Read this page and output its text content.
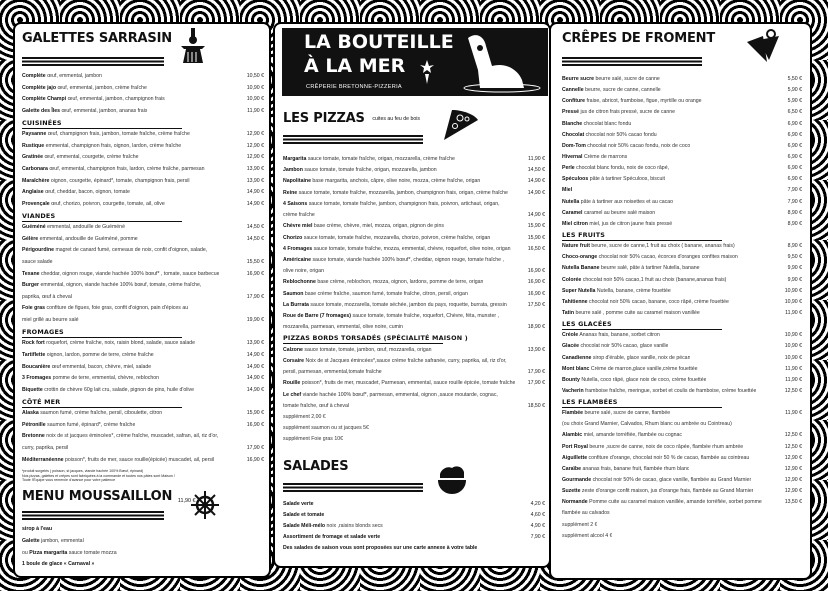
LA BOUTEILLE
À LA MER
CRÊPERIE BRETONNE-PIZZERIA
GALETTES SARRASIN
Complète œuf, emmental, jambon	10,50 €
Complète jajo œuf, emmental, jambon, crème fraîche	10,90 €
Complète Champi œuf, emmental, jambon, champignon frais	10,90 €
Galette des Îles œuf, emmental, jambon, ananas frais	11,90 €
CUISINÉES
Paysanne œuf, champignon frais, jambon, tomate fraîche, crème fraîche	12,90 €
Rustique emmental, champignon frais, oignon, lardon, crème fraîche	12,90 €
Gratinée œuf, emmental, courgette, crème fraîche	12,90 €
Carbonara œuf, emmental, champignon frais, lardon, crème fraîche, parmesan	13,90 €
Maraîchère oignon, courgette, épinard*, tomate, champignon frais, persil	13,90 €
Anglaise œuf, cheddar, bacon, oignon, tomate	14,90 €
Provençale œuf, chorizo, poivron, courgette, tomate, ail, olive	14,90 €
VIANDES
Guéméné emmental, andouille de Guéméné	14,50 €
Gélère emmental, andouille de Guéméné, pomme	14,50 €
Périgourdine magret de canard fumé, cerneaux de noix, confit d'oignon, salade,
sauce salade	15,50 €
Texane cheddar, oignon rouge, viande hachée 100% bœuf* , tomate, sauce barbecue	16,90 €
Burger emmental, oignon, viande hachée 100% bœuf, tomate, crème fraîche,
paprika, œuf à cheval	17,90 €
Foie gras confiture de figues, foie gras, confit d'oignon, pain d'épices au
miel grillé au beurre salé	19,90 €
FROMAGES
Rock fort roquefort, crème fraîche, noix, raisin blond, salade, sauce salade	13,90 €
Tartiflette oignon, lardon, pomme de terre, crème fraîche	14,90 €
Boucanière œuf emmental, bacon, chèvre, miel, salade	14,90 €
3 Fromages pomme de terre, emmental, chèvre, reblochon	14,90 €
Biquette crottin de chèvre 60g lait cru, salade, pignon de pins, huile d'olive	14,90 €
CÔTÉ MER
Alaska saumon fumé, crème fraîche, persil, ciboulette, citron	15,90 €
Pétronille saumon fumé, épinard*, crème fraîche	16,90 €
Bretonne noix de st jacques émincées*, crème fraîche, muscadet, safran, ail, riz d'or,
curry, paprika, persil	17,90 €
Méditerranéenne poisson*, fruits de mer, sauce rouille(épicée) muscadet, ail, persil	16,90 €
*produit surgelés ( poisson, st jacques, viande hachée 100% Bœuf, épinard)
Nos pizzas, galettes et crêpes sont fabriquées à la commande et toutes nos pâtes sont Maison !
Toute l'Équipe vous remercie d'avance pour votre patience
MENU MOUSSAILLON 11,90 €
sirop à l'eau
Galette jambon, emmental
ou Pizza margarita sauce tomate mozza
1 boule de glace « Carnaval »
LES PIZZAS cuites au feu de bois
Margarita sauce tomate, tomate fraîche, origan, mozzarella, crème fraîche	11,90 €
Jambon sauce tomate, tomate fraîche, origan, mozzarella, jambon	14,50 €
Napolitaine base margarita, anchois, câpre, olive noire, mozza, crème fraîche, origan	14,90 €
Reine sauce tomate, tomate fraîche, mozzarella, jambon, champignon frais, origan, crème fraîche	14,90 €
4 Saisons sauce tomate, tomate fraîche, jambon, champignon frais, poivron, artichaut, origan,
crème fraîche	14,90 €
Chèvre miel base crème, chèvre, miel, mozza, origan, pignon de pins	15,90 €
Chorizo sauce tomate, tomate fraîche, mozzarella, chorizo, poivron, crème fraîche, origan	15,90 €
4 Fromages sauce tomate, tomate fraîche, mozza, emmental, chèvre, roquefort, olive noire, origan	16,50 €
Américaine sauce tomate, viande hachée 100% bœuf*, cheddar, oignon rouge, tomate fraîche ,
olive noire, origan	16,90 €
Reblochonne base crème, reblochon, mozza, oignon, lardons, pomme de terre, origan	16,90 €
Saumon base crème fraîche, saumon fumé, tomate fraîche, citron, persil, origan	16,90 €
La Burrata sauce tomate, mozzarella, tomate séchée, jambon du pays, roquette, burrata, gressin	17,50 €
Roue de Barre (7 fromages) sauce tomate, tomate fraîche, roquefort, Chèvre, féta, munster ,
mozzarella, parmesan, emmental, olive noire, cumin	18,90 €
PIZZAS BORDS TORSADÉS (SPÉCIALITÉ MAISON )
Calzone sauce tomate, tomate, jambon, œuf, mozzarella, origan	13,90 €
Corsaire Noix de st Jacques émincées*,sauce crème fraîche safranée, curry, paprika, ail, riz d'or,
persil, parmesan, emmental,tomate fraîche	17,90 €
Rouille poisson*, fruits de mer, muscadet, Parmesan, emmental, sauce rouille épicée, tomate fraîche	17,90 €
Le chef viande hachée 100% bœuf*, parmesan, emmental, oignon ,sauce moutarde, cognac,
tomate fraîche, œuf à cheval	18,50 €
supplément 2,00 €
supplément saumon ou st jacques 5€
supplément Foie gras 10€
SALADES
Salade verte	4,20 €
Salade et tomate	4,60 €
Salade Méli-mélo noix ,raisins blonds secs	4,90 €
Assortiment de fromage et salade verte	7,90 €
Des salades de saison vous sont proposées sur une carte annexe à votre table
CRÊPES DE FROMENT
Beurre sucre beurre salé, sucre de canne	5,50 €
Cannelle beurre, sucre de canne, cannelle	5,90 €
Confiture fraise, abricot, framboise, figue, myrtille ou orange	5,90 €
Pressé jus de citron frais pressé, sucre de canne	6,50 €
Blanche chocolat blanc fondu	6,90 €
Chocolat chocolat noir 50% cacao fondu	6,90 €
Dom-Tom chocolat noir 50% cacao fondu, noix de coco	6,90 €
Hivernal Crème de marrons	6,90 €
Perle chocolat blanc fondu, noix de coco râpé,	6,90 €
Spéculoos pâte à tartiner Spéculoos, biscuit	6,90 €
Miel	7,90 €
Nutella pâte à tartiner aux noisettes et au cacao	7,90 €
Caramel caramel au beurre salé maison	8,90 €
Miel citron miel, jus de citron jaune frais pressé	8,90 €
LES FRUITS
Nature fruit beurre, sucre de canne,1 fruit au choix ( banane, ananas frais)	8,90 €
Choco-orange chocolat noir 50% cacao, écorces d'oranges confites maison	9,50 €
Nutella Banane beurre salé, pâte à tartiner Nutella, banane	9,90 €
Colorée chocolat noir 50% cacao,1 fruit au choix (banane,ananas frais)	9,90 €
Super Nutella Nutella, banane, crème fouettée	10,90 €
Tahitienne chocolat noir 50% cacao, banane, coco râpé, crème fouettée	10,90 €
Tatin beurre salé , pomme cuite au caramel maison vanillée	11,90 €
LES GLACÉES
Créole Ananas frais, banane, sorbet citron	10,90 €
Glacée chocolat noir 50% cacao, glace vanille	10,90 €
Canadienne sirop d'érable, glace vanille, noix de pécan	10,90 €
Mont blanc Crème de marron,glace vanille,crème fouettée	11,90 €
Bounty Nutella, coco râpé, glace noix de coco, crème fouettée	11,90 €
Vacherin framboise fraîche, meringue, sorbet et coulis de framboise, crème fouettée	12,50 €
LES FLAMBÉES
Flambée beurre salé, sucre de canne, flambée	11,90 €
(ou choix Grand Marnier, Calvados, Rhum blanc ou ambrée ou Cointreau)
Alambic miel, amande torréfiée, flambée ou cognac	12,50 €
Port Royal beurre ,sucre de canne, noix de coco râpée, flambée rhum ambrée	12,50 €
Aiguillette confiture d'orange, chocolat noir 50 % de cacao, flambée au cointreau	12,90 €
Caraïbe ananas frais, banane fruit, flambée rhum blanc	12,90 €
Gourmande chocolat noir 50% de cacao, glace vanille, flambée au Grand Marnier	12,90 €
Suzette zeste d'orange confit maison, jus d'orange frais, flambée au Grand Marnier	12,90 €
Normande Pomme cuite au caramel maison vanillée, amande torréfiée, sorbet pomme	13,50 €
flambée au calvados
supplément 2 €
supplément alcool 4 €
